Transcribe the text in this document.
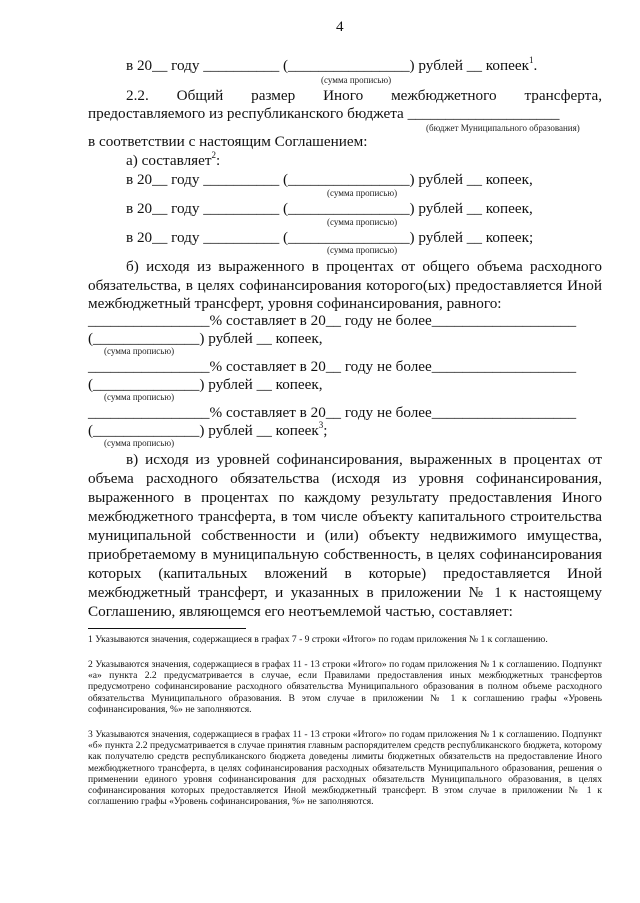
4
в 20__ году __________ (________________) рублей __ копеек$^1$.
(сумма прописью)
2.2. Общий размер Иного межбюджетного трансферта,
предоставляемого из республиканского бюджета ____________________
(бюджет Муниципального образования)
в соответствии с настоящим Соглашением:
а) составляет$^2$:
в 20__ году __________ (________________) рублей __ копеек,
(сумма прописью)
в 20__ году __________ (________________) рублей __ копеек,
(сумма прописью)
в 20__ году __________ (________________) рублей __ копеек;
(сумма прописью)
б) исходя из выраженного в процентах от общего объема расходного
обязательства, в целях софинансирования которого(ых) предоставляется Иной
межбюджетный трансферт, уровня софинансирования, равного:
________________% составляет в 20__ году не более___________________
(______________) рублей __ копеек,
(сумма прописью)
________________% составляет в 20__ году не более___________________
(______________) рублей __ копеек,
(сумма прописью)
________________% составляет в 20__ году не более___________________
(______________) рублей __ копеек$^3$;
(сумма прописью)
в) исходя из уровней софинансирования, выраженных в процентах от
объема расходного обязательства (исходя из уровня софинансирования,
выраженного в процентах по каждому результату предоставления Иного
межбюджетного трансферта, в том числе объекту капитального строительства
муниципальной собственности и (или) объекту недвижимого имущества,
приобретаемому в муниципальную собственность, в целях софинансирования
которых (капитальных вложений в которые) предоставляется Иной
межбюджетный трансферт, и указанных в приложении № 1 к настоящему
Соглашению, являющемся его неотъемлемой частью, составляет:
1 Указываются значения, содержащиеся в графах 7 - 9 строки «Итого» по годам приложения № 1 к соглашению.
2 Указываются значения, содержащиеся в графах 11 - 13 строки «Итого» по годам приложения № 1 к соглашению. Подпункт «а» пункта 2.2 предусматривается в случае, если Правилами предоставления иных межбюджетных трансфертов предусмотрено софинансирование расходного обязательства Муниципального образования в полном объеме расходного обязательства Муниципального образования. В этом случае в приложении № 1 к соглашению графы «Уровень софинансирования, %» не заполняются.
3 Указываются значения, содержащиеся в графах 11 - 13 строки «Итого» по годам приложения № 1 к соглашению. Подпункт «б» пункта 2.2 предусматривается в случае принятия главным распорядителем средств республиканского бюджета, которому как получателю средств республиканского бюджета доведены лимиты бюджетных обязательств на предоставление Иного межбюджетного трансферта, в целях софинансирования расходных обязательств Муниципального образования, решения о применении единого уровня софинансирования для расходных обязательств Муниципального образования, в целях софинансирования которых предоставляется Иной межбюджетный трансферт. В этом случае в приложении № 1 к соглашению графы «Уровень софинансирования, %» не заполняются.
